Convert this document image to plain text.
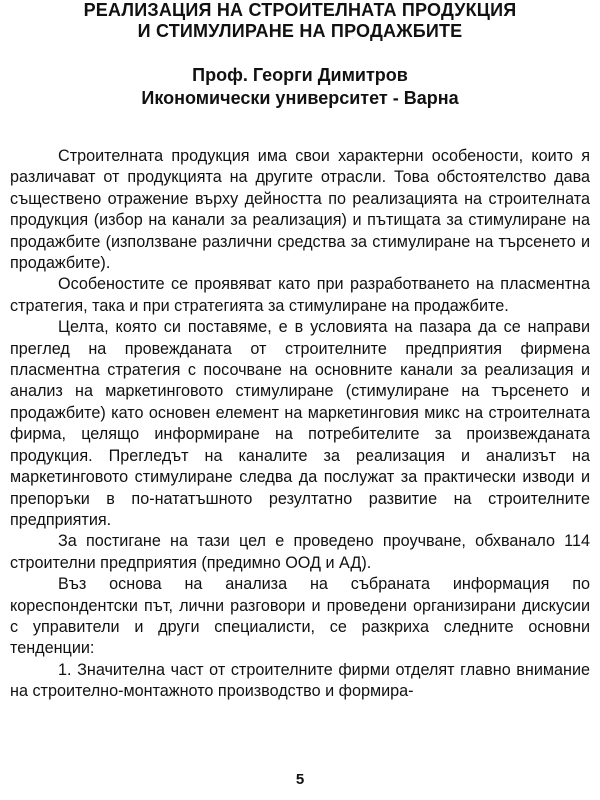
РЕАЛИЗАЦИЯ НА СТРОИТЕЛНАТА ПРОДУКЦИЯ
И СТИМУЛИРАНЕ НА ПРОДАЖБИТЕ
Проф. Георги Димитров
Икономически университет - Варна

Строителната продукция има свои характерни особености, които я различават от продукцията на другите отрасли. Това обстоятелство дава съществено отражение върху дейността по реализацията на строителната продукция (избор на канали за реализация) и пътищата за стимулиране на продажбите (използване различни средства за стимулиране на търсенето и продажбите).

Особеностите се проявяват като при разработването на пласментна стратегия, така и при стратегията за стимулиране на продажбите.

Целта, която си поставяме, е в условията на пазара да се направи преглед на провежданата от строителните предприятия фирмена пласментна стратегия с посочване на основните канали за реализация и анализ на маркетинговото стимулиране (стимулиране на търсенето и продажбите) като основен елемент на маркетинговия микс на строителната фирма, целящо информиране на потребителите за произвежданата продукция. Прегледът на каналите за реализация и анализът на маркетинговото стимулиране следва да послужат за практически изводи и препоръки в по-нататъшното резултатно развитие на строителните предприятия.

За постигане на тази цел е проведено проучване, обхванало 114 строителни предприятия (предимно ООД и АД).

Въз основа на анализа на събраната информация по кореспондентски път, лични разговори и проведени организирани дискусии с управители и други специалисти, се разкриха следните основни тенденции:

1. Значителна част от строителните фирми отделят главно внимание на строително-монтажното производство и формира-

5
